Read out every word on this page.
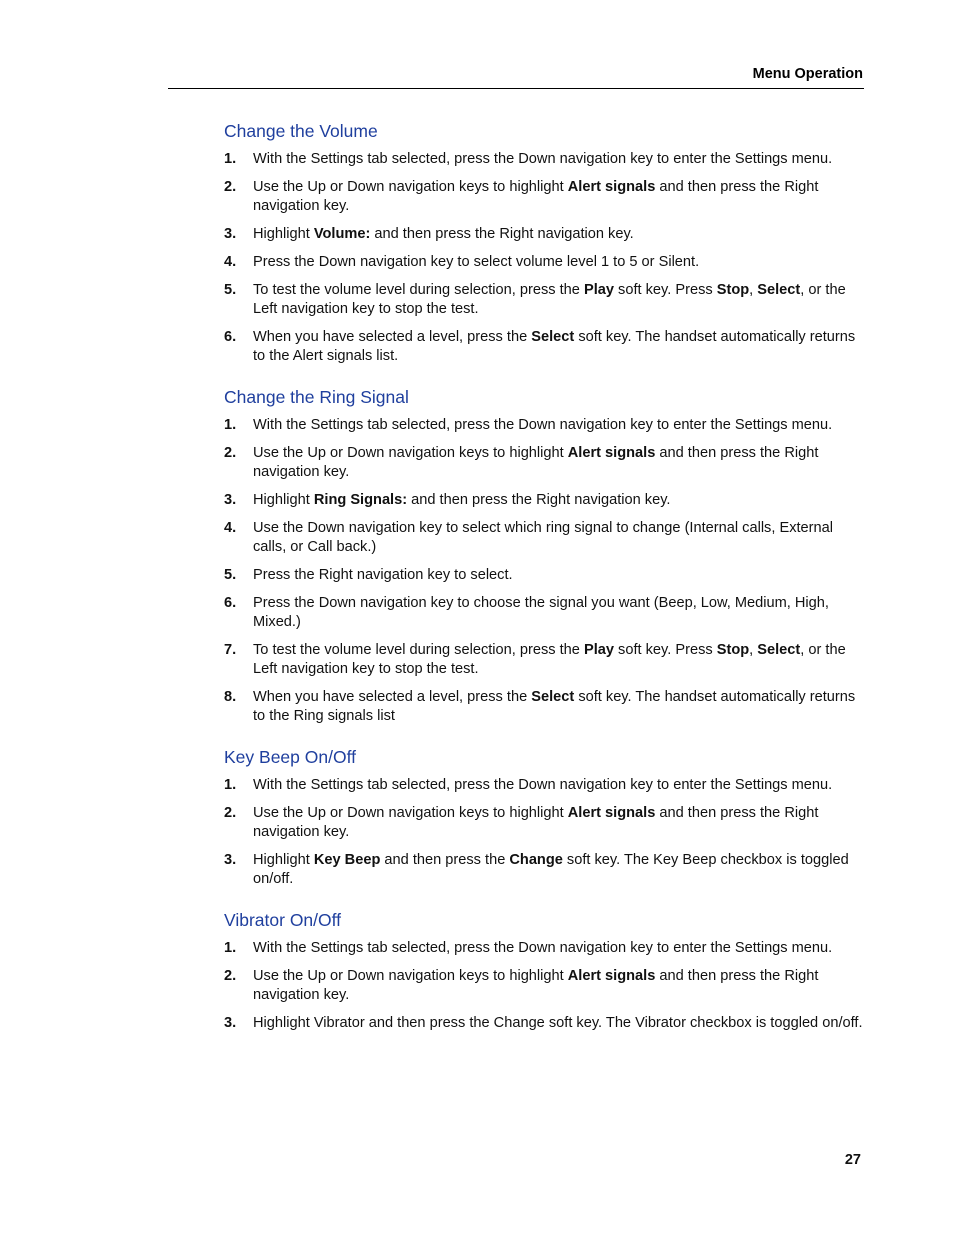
Menu Operation
Change the Volume
1. With the Settings tab selected, press the Down navigation key to enter the Settings menu.
2. Use the Up or Down navigation keys to highlight Alert signals and then press the Right navigation key.
3. Highlight Volume: and then press the Right navigation key.
4. Press the Down navigation key to select volume level 1 to 5 or Silent.
5. To test the volume level during selection, press the Play soft key. Press Stop, Select, or the Left navigation key to stop the test.
6. When you have selected a level, press the Select soft key. The handset automatically returns to the Alert signals list.
Change the Ring Signal
1. With the Settings tab selected, press the Down navigation key to enter the Settings menu.
2. Use the Up or Down navigation keys to highlight Alert signals and then press the Right navigation key.
3. Highlight Ring Signals: and then press the Right navigation key.
4. Use the Down navigation key to select which ring signal to change (Internal calls, External calls, or Call back.)
5. Press the Right navigation key to select.
6. Press the Down navigation key to choose the signal you want (Beep, Low, Medium, High, Mixed.)
7. To test the volume level during selection, press the Play soft key. Press Stop, Select, or the Left navigation key to stop the test.
8. When you have selected a level, press the Select soft key. The handset automatically returns to the Ring signals list
Key Beep On/Off
1. With the Settings tab selected, press the Down navigation key to enter the Settings menu.
2. Use the Up or Down navigation keys to highlight Alert signals and then press the Right navigation key.
3. Highlight Key Beep and then press the Change soft key. The Key Beep checkbox is toggled on/off.
Vibrator On/Off
1. With the Settings tab selected, press the Down navigation key to enter the Settings menu.
2. Use the Up or Down navigation keys to highlight Alert signals and then press the Right navigation key.
3. Highlight Vibrator and then press the Change soft key. The Vibrator checkbox is toggled on/off.
27
